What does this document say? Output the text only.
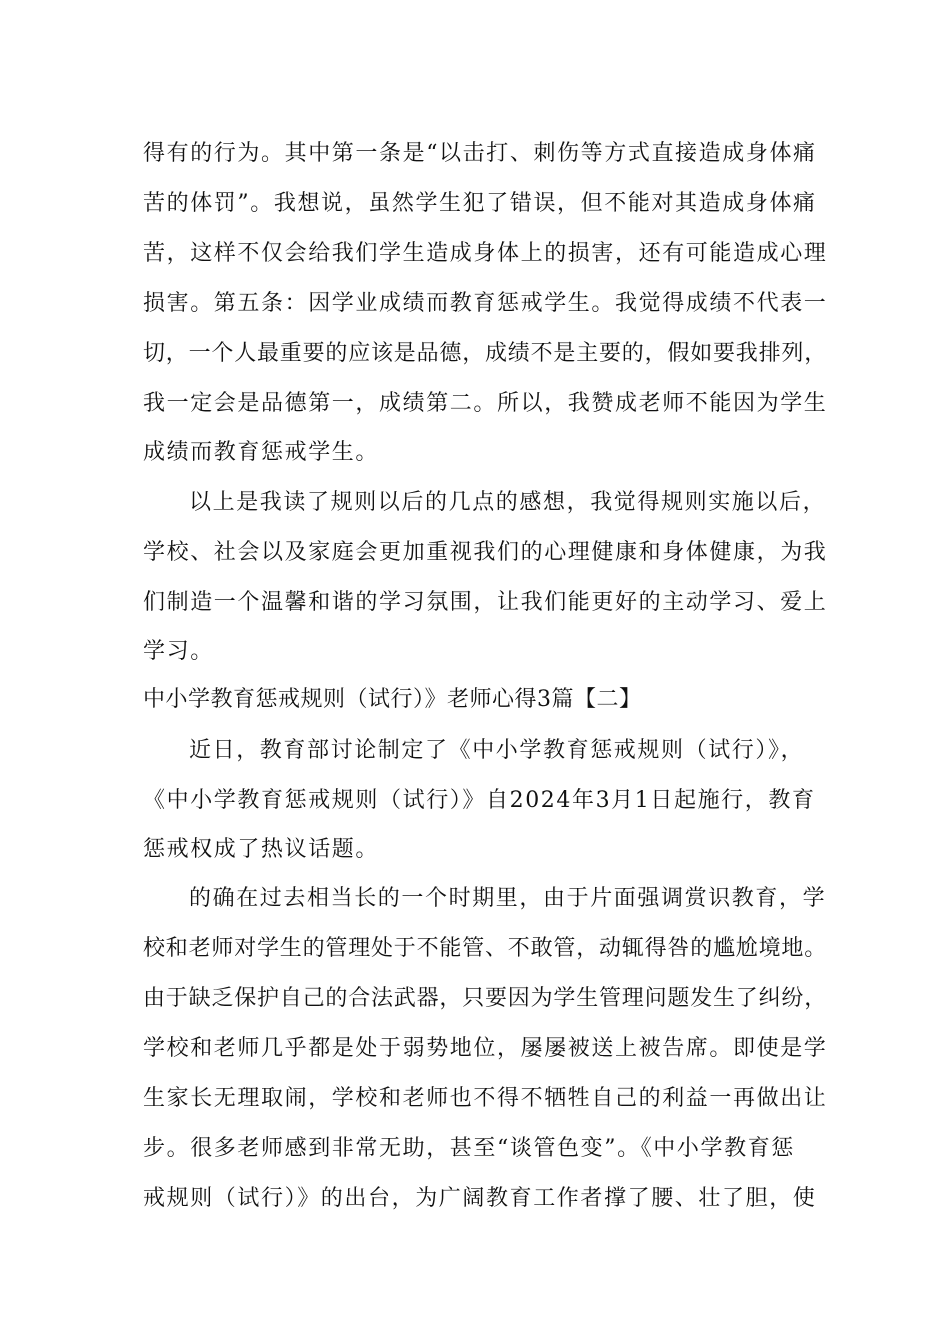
得有的行为。其中第一条是“以击打、刺伤等方式直接造成身体痛
苦的体罚”。我想说，虽然学生犯了错误，但不能对其造成身体痛
苦，这样不仅会给我们学生造成身体上的损害，还有可能造成心理
损害。第五条：因学业成绩而教育惩戒学生。我觉得成绩不代表一
切，一个人最重要的应该是品德，成绩不是主要的，假如要我排列，
我一定会是品德第一，成绩第二。所以，我赞成老师不能因为学生
成绩而教育惩戒学生。
以上是我读了规则以后的几点的感想，我觉得规则实施以后，
学校、社会以及家庭会更加重视我们的心理健康和身体健康，为我
们制造一个温馨和谐的学习氛围，让我们能更好的主动学习、爱上
学习。
中小学教育惩戒规则（试行）》老师心得3篇【二】
近日，教育部讨论制定了《中小学教育惩戒规则（试行）》，
《中小学教育惩戒规则（试行）》自2024年3月1日起施行，教育
惩戒权成了热议话题。
的确在过去相当长的一个时期里，由于片面强调赏识教育，学
校和老师对学生的管理处于不能管、不敢管，动辄得咎的尴尬境地。
由于缺乏保护自己的合法武器，只要因为学生管理问题发生了纠纷，
学校和老师几乎都是处于弱势地位，屡屡被送上被告席。即使是学
生家长无理取闹，学校和老师也不得不牺牲自己的利益一再做出让
步。很多老师感到非常无助，甚至“谈管色变”。《中小学教育惩
戒规则（试行）》的出台，为广阔教育工作者撑了腰、壮了胆，使
